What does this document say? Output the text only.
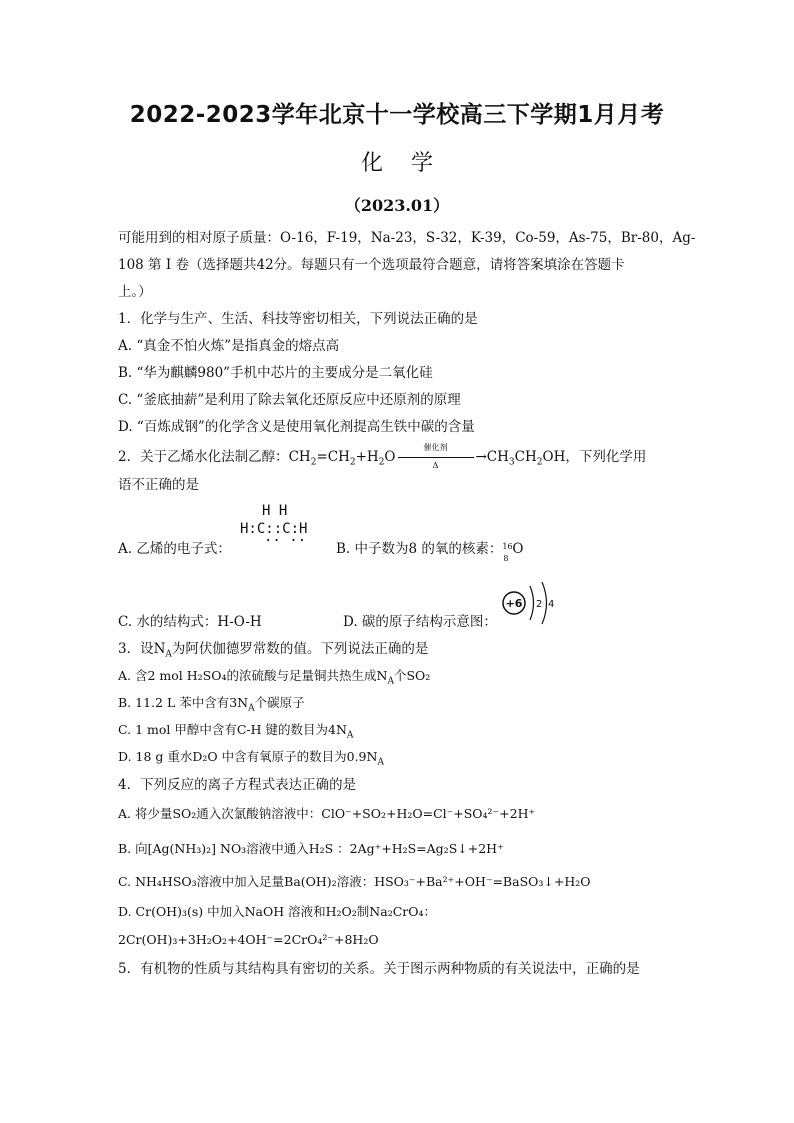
2022-2023学年北京十一学校高三下学期1月月考
化学
（2023.01）
可能用到的相对原子质量：O-16，F-19，Na-23，S-32，K-39，Co-59，As-75，Br-80，Ag-
108 第 I 卷（选择题共42分。每题只有一个选项最符合题意，请将答案填涂在答题卡
上。）
1．化学与生产、生活、科技等密切相关，下列说法正确的是
A. “真金不怕火炼”是指真金的熔点高
B. “华为麒麟980”手机中芯片的主要成分是二氧化硅
C. “釜底抽薪”是利用了除去氧化还原反应中还原剂的原理
D. “百炼成钢”的化学含义是使用氧化剂提高生铁中碳的含量
2．关于乙烯水化法制乙醇：$CH_2=CH_2+H_2O$
催化剂
Δ
$\to CH_3CH_2OH$，下列化学用
语不正确的是
H H
H:C::C:H
·· ··
A. 乙烯的电子式：	B. 中子数为8 的氧的核素： 16
8
O
C. 水的结构式：H-O-H	D. 碳的原子结构示意图：
+6 2 4
3．设$N_A$为阿伏伽德罗常数的值。下列说法正确的是
A. 含2 mol H₂SO₄的浓硫酸与足量铜共热生成$N_A$个SO₂
B. 11.2 L 苯中含有$3N_A$个碳原子
C. 1 mol 甲醇中含有C-H 键的数目为$4N_A$
D. 18 g 重水D₂O 中含有氧原子的数目为$0.9N_A$
4．下列反应的离子方程式表达正确的是
A. 将少量SO₂通入次氯酸钠溶液中：ClO⁻+SO₂+H₂O=Cl⁻+SO₄²⁻+2H⁺
B. 向[Ag(NH₃)₂] NO₃溶液中通入H₂S ：2Ag⁺+H₂S=Ag₂S↓+2H⁺
C. NH₄HSO₃溶液中加入足量Ba(OH)₂溶液：HSO₃⁻+Ba²⁺+OH⁻=BaSO₃↓+H₂O
D. Cr(OH)₃(s) 中加入NaOH 溶液和H₂O₂制Na₂CrO₄：
2Cr(OH)₃+3H₂O₂+4OH⁻=2CrO₄²⁻+8H₂O
5．有机物的性质与其结构具有密切的关系。关于图示两种物质的有关说法中，正确的是
